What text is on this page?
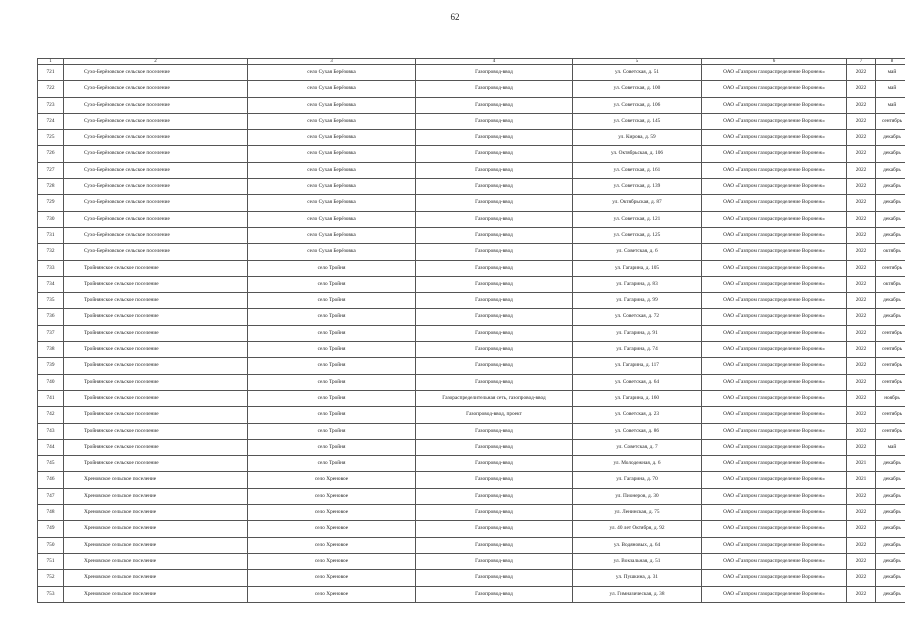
62
1	2	3	4	5	6	7	8
721	Сухо-Берёзовское сельское поселение	село Сухая Берёзовка	Газопровод-ввод	ул. Советская, д. 51	ОАО «Газпром газораспределение Воронеж»	2022	май
722	Сухо-Берёзовское сельское поселение	село Сухая Берёзовка	Газопровод-ввод	ул. Советская, д. 100	ОАО «Газпром газораспределение Воронеж»	2022	май
723	Сухо-Берёзовское сельское поселение	село Сухая Берёзовка	Газопровод-ввод	ул. Советская, д. 106	ОАО «Газпром газораспределение Воронеж»	2022	май
724	Сухо-Берёзовское сельское поселение	село Сухая Берёзовка	Газопровод-ввод	ул. Советская, д. 145	ОАО «Газпром газораспределение Воронеж»	2022	сентябрь
725	Сухо-Берёзовское сельское поселение	село Сухая Берёзовка	Газопровод-ввод	ул. Кирова, д. 59	ОАО «Газпром газораспределение Воронеж»	2022	декабрь
726	Сухо-Берёзовское сельское поселение	село Сухая Берёзовка	Газопровод-ввод	ул. Октябрьская, д. 106	ОАО «Газпром газораспределение Воронеж»	2022	декабрь
727	Сухо-Берёзовское сельское поселение	село Сухая Берёзовка	Газопровод-ввод	ул. Советская, д. 161	ОАО «Газпром газораспределение Воронеж»	2022	декабрь
728	Сухо-Берёзовское сельское поселение	село Сухая Берёзовка	Газопровод-ввод	ул. Советская, д. 139	ОАО «Газпром газораспределение Воронеж»	2022	декабрь
729	Сухо-Берёзовское сельское поселение	село Сухая Берёзовка	Газопровод-ввод	ул. Октябрьская, д. 87	ОАО «Газпром газораспределение Воронеж»	2022	декабрь
730	Сухо-Берёзовское сельское поселение	село Сухая Берёзовка	Газопровод-ввод	ул. Советская, д. 121	ОАО «Газпром газораспределение Воронеж»	2022	декабрь
731	Сухо-Берёзовское сельское поселение	село Сухая Берёзовка	Газопровод-ввод	ул. Советская, д. 125	ОАО «Газпром газораспределение Воронеж»	2022	декабрь
732	Сухо-Берёзовское сельское поселение	село Сухая Берёзовка	Газопровод-ввод	ул. Советская, д. 6	ОАО «Газпром газораспределение Воронеж»	2022	октябрь
733	Тройнянское сельское поселение	село Тройня	Газопровод-ввод	ул. Гагарина, д. 105	ОАО «Газпром газораспределение Воронеж»	2022	сентябрь
734	Тройнянское сельское поселение	село Тройня	Газопровод-ввод	ул. Гагарина, д. 83	ОАО «Газпром газораспределение Воронеж»	2022	октябрь
735	Тройнянское сельское поселение	село Тройня	Газопровод-ввод	ул. Гагарина, д. 99	ОАО «Газпром газораспределение Воронеж»	2022	декабрь
736	Тройнянское сельское поселение	село Тройня	Газопровод-ввод	ул. Советская, д. 72	ОАО «Газпром газораспределение Воронеж»	2022	декабрь
737	Тройнянское сельское поселение	село Тройня	Газопровод-ввод	ул. Гагарина, д. 91	ОАО «Газпром газораспределение Воронеж»	2022	сентябрь
738	Тройнянское сельское поселение	село Тройня	Газопровод-ввод	ул. Гагарина, д. 74	ОАО «Газпром газораспределение Воронеж»	2022	сентябрь
739	Тройнянское сельское поселение	село Тройня	Газопровод-ввод	ул. Гагарина, д. 117	ОАО «Газпром газораспределение Воронеж»	2022	сентябрь
740	Тройнянское сельское поселение	село Тройня	Газопровод-ввод	ул. Советская, д. 64	ОАО «Газпром газораспределение Воронеж»	2022	сентябрь
741	Тройнянское сельское поселение	село Тройня	Газораспределительная сеть, газопровод-ввод	ул. Гагарина, д. 160	ОАО «Газпром газораспределение Воронеж»	2022	ноябрь
742	Тройнянское сельское поселение	село Тройня	Газопровод-ввод, проект	ул. Советская, д. 23	ОАО «Газпром газораспределение Воронеж»	2022	сентябрь
743	Тройнянское сельское поселение	село Тройня	Газопровод-ввод	ул. Советская, д. 86	ОАО «Газпром газораспределение Воронеж»	2022	сентябрь
744	Тройнянское сельское поселение	село Тройня	Газопровод-ввод	ул. Советская, д. 7	ОАО «Газпром газораспределение Воронеж»	2022	май
745	Тройнянское сельское поселение	село Тройня	Газопровод-ввод	ул. Молодежная, д. 6	ОАО «Газпром газораспределение Воронеж»	2021	декабрь
746	Хреновское сельское поселение	село Хреновое	Газопровод-ввод	ул. Гагарина, д. 70	ОАО «Газпром газораспределение Воронеж»	2021	декабрь
747	Хреновское сельское поселение	село Хреновое	Газопровод-ввод	ул. Пионеров, д. 30	ОАО «Газпром газораспределение Воронеж»	2022	декабрь
748	Хреновское сельское поселение	село Хреновое	Газопровод-ввод	ул. Ленинская, д. 75	ОАО «Газпром газораспределение Воронеж»	2022	декабрь
749	Хреновское сельское поселение	село Хреновое	Газопровод-ввод	ул. 40 лет Октября, д. 92	ОАО «Газпром газораспределение Воронеж»	2022	декабрь
750	Хреновское сельское поселение	село Хреновое	Газопровод-ввод	ул. Водяновых, д. 64	ОАО «Газпром газораспределение Воронеж»	2022	декабрь
751	Хреновское сельское поселение	село Хреновое	Газопровод-ввод	ул. Вокзальная, д. 51	ОАО «Газпром газораспределение Воронеж»	2022	декабрь
752	Хреновское сельское поселение	село Хреновое	Газопровод-ввод	ул. Пушкина, д. 31	ОАО «Газпром газораспределение Воронеж»	2022	декабрь
753	Хреновское сельское поселение	село Хреновое	Газопровод-ввод	ул. Гимназическая, д. 38	ОАО «Газпром газораспределение Воронеж»	2022	декабрь
